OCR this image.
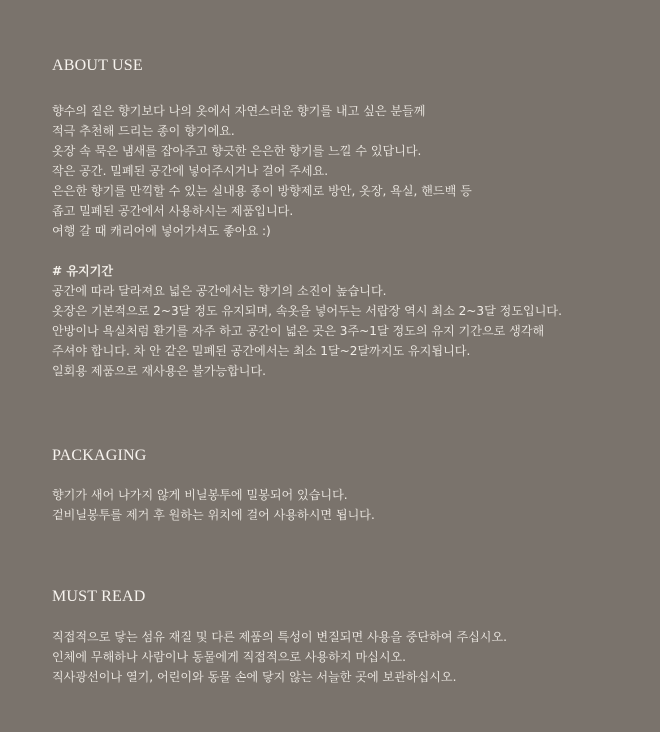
ABOUT USE
향수의 짙은 향기보다 나의 옷에서 자연스러운 향기를 내고 싶은 분들께
적극 추천해 드리는 종이 향기에요.
옷장 속 묵은 냄새를 잡아주고 향긋한 은은한 향기를 느낄 수 있답니다.
작은 공간. 밀폐된 공간에 넣어주시거나 걸어 주세요.
은은한 향기를 만끽할 수 있는 실내용 종이 방향제로 방안, 옷장, 욕실, 핸드백 등
좁고 밀폐된 공간에서 사용하시는 제품입니다.
여행 갈 때 캐리어에 넣어가셔도 좋아요 :)
# 유지기간
공간에 따라 달라져요 넓은 공간에서는 향기의 소진이 높습니다.
옷장은 기본적으로 2~3달 정도 유지되며, 속옷을 넣어두는 서랍장 역시 최소 2~3달 정도입니다.
안방이나 욕실처럼 환기를 자주 하고 공간이 넓은 곳은 3주~1달 정도의 유지 기간으로 생각해
주셔야 합니다. 차 안 같은 밀폐된 공간에서는 최소 1달~2달까지도 유지됩니다.
일회용 제품으로 재사용은 불가능합니다.
PACKAGING
향기가 새어 나가지 않게 비닐봉투에 밀봉되어 있습니다.
겉비닐봉투를 제거 후 원하는 위치에 걸어 사용하시면 됩니다.
MUST READ
직접적으로 닿는 섬유 재질 및 다른 제품의 특성이 변질되면 사용을 중단하여 주십시오.
인체에 무해하나 사람이나 동물에게 직접적으로 사용하지 마십시오.
직사광선이나 열기, 어린이와 동물 손에 닿지 않는 서늘한 곳에 보관하십시오.
